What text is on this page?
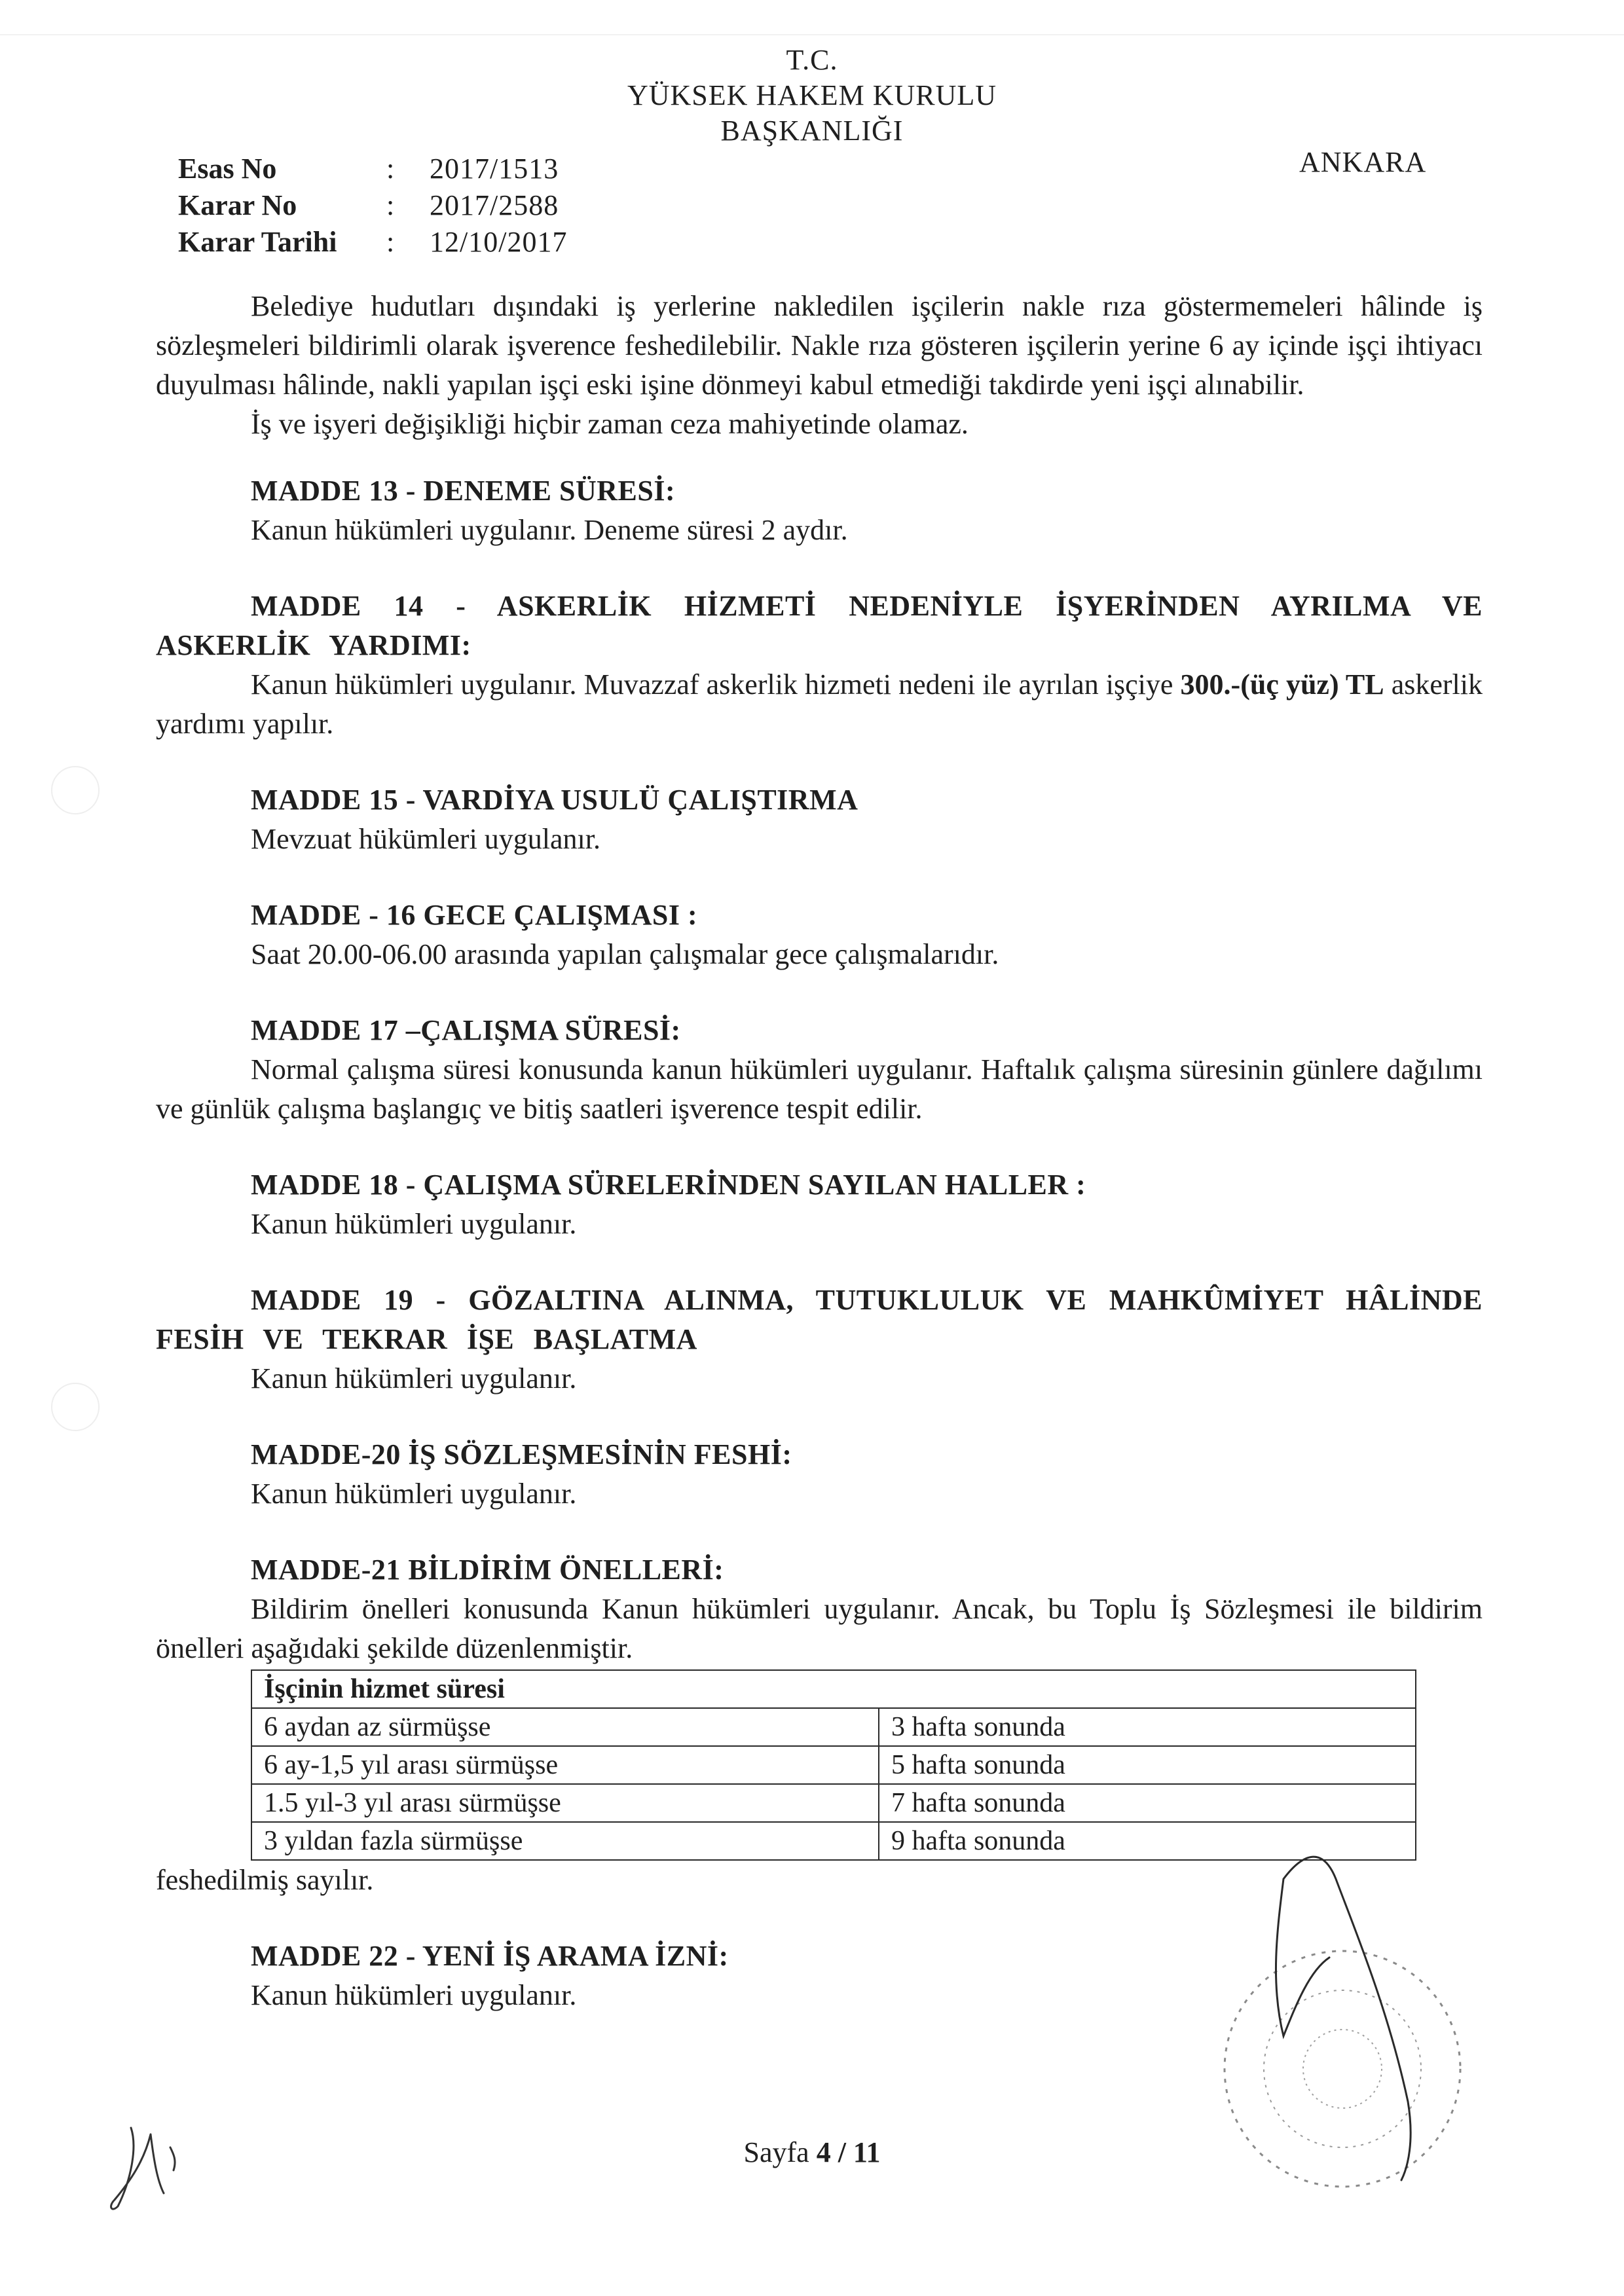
T.C.
YÜKSEK HAKEM KURULU
BAŞKANLIĞI
ANKARA
Esas No	: 2017/1513
Karar No	: 2017/2588
Karar Tarihi : 12/10/2017

Belediye hudutları dışındaki iş yerlerine nakledilen işçilerin nakle rıza göstermemeleri hâlinde iş sözleşmeleri bildirimli olarak işverence feshedilebilir. Nakle rıza gösteren işçilerin yerine 6 ay içinde işçi ihtiyacı duyulması hâlinde, nakli yapılan işçi eski işine dönmeyi kabul etmediği takdirde yeni işçi alınabilir.

İş ve işyeri değişikliği hiçbir zaman ceza mahiyetinde olamaz.

MADDE 13 - DENEME SÜRESİ:

Kanun hükümleri uygulanır. Deneme süresi 2 aydır.

MADDE 14 - ASKERLİK HİZMETİ NEDENİYLE İŞYERİNDEN AYRILMA VE ASKERLİK YARDIMI:

Kanun hükümleri uygulanır. Muvazzaf askerlik hizmeti nedeni ile ayrılan işçiye 300.-(üç yüz) TL askerlik yardımı yapılır.

MADDE 15 - VARDİYA USULÜ ÇALIŞTIRMA

Mevzuat hükümleri uygulanır.

MADDE - 16 GECE ÇALIŞMASI :

Saat 20.00-06.00 arasında yapılan çalışmalar gece çalışmalarıdır.

MADDE 17 –ÇALIŞMA SÜRESİ:

Normal çalışma süresi konusunda kanun hükümleri uygulanır. Haftalık çalışma süresinin günlere dağılımı ve günlük çalışma başlangıç ve bitiş saatleri işverence tespit edilir.

MADDE 18 - ÇALIŞMA SÜRELERİNDEN SAYILAN HALLER :

Kanun hükümleri uygulanır.

MADDE 19 - GÖZALTINA ALINMA, TUTUKLULUK VE MAHKÛMİYET HÂLİNDE FESİH VE TEKRAR İŞE BAŞLATMA

Kanun hükümleri uygulanır.

MADDE-20 İŞ SÖZLEŞMESİNİN FESHİ:

Kanun hükümleri uygulanır.

MADDE-21 BİLDİRİM ÖNELLERİ:

Bildirim önelleri konusunda Kanun hükümleri uygulanır. Ancak, bu Toplu İş Sözleşmesi ile bildirim önelleri aşağıdaki şekilde düzenlenmiştir.

İşçinin hizmet süresi	
6 aydan az sürmüşse	3 hafta sonunda
6 ay-1,5 yıl arası sürmüşse	5 hafta sonunda
1.5 yıl-3 yıl arası sürmüşse	7 hafta sonunda
3 yıldan fazla sürmüşse	9 hafta sonunda

feshedilmiş sayılır.

MADDE 22 - YENİ İŞ ARAMA İZNİ:

Kanun hükümleri uygulanır.

Sayfa 4 / 11
